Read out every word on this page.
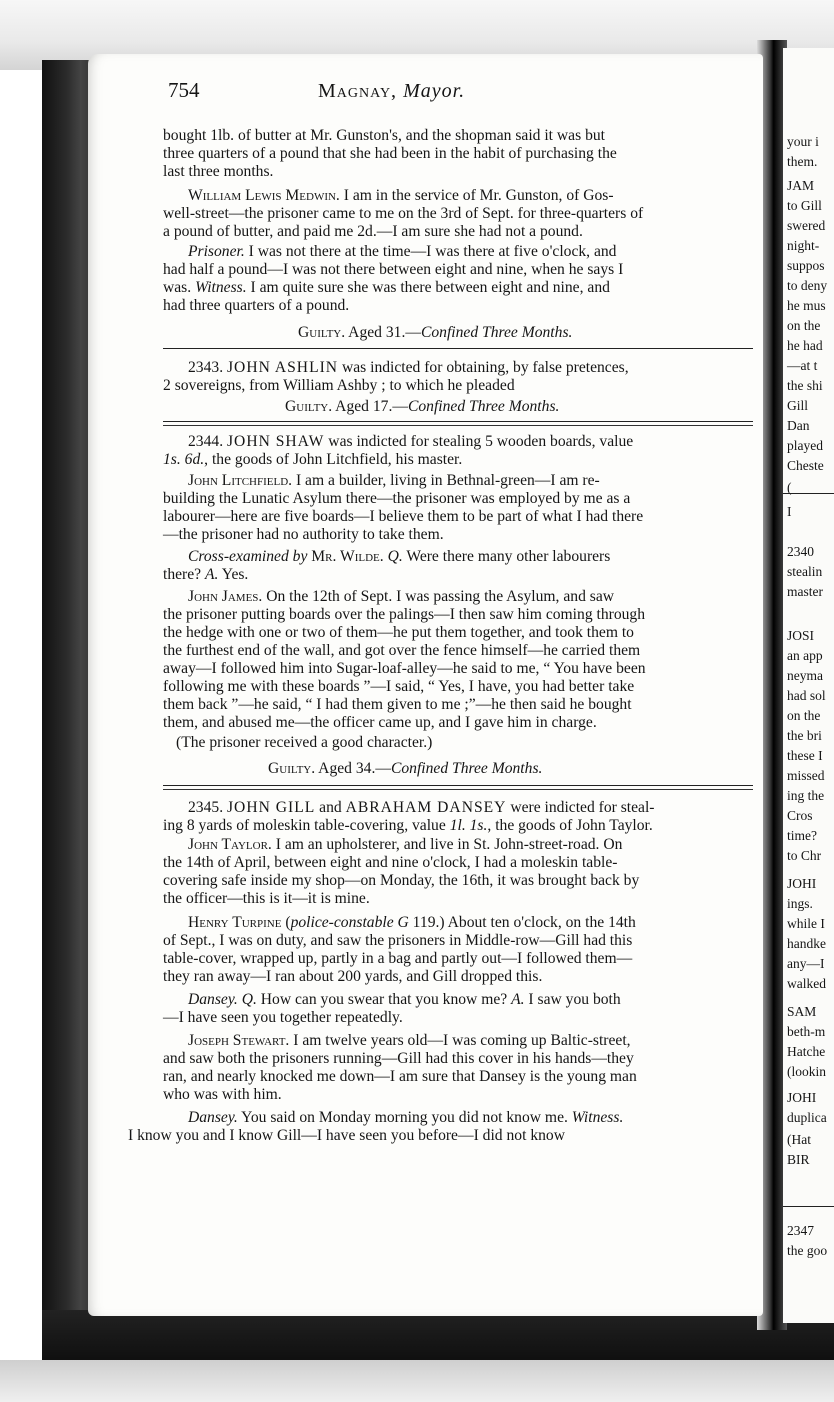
754	Magnay, Mayor.
bought 1lb. of butter at Mr. Gunston's, and the shopman said it was but
three quarters of a pound that she had been in the habit of purchasing the
last three months.
William Lewis Medwin. I am in the service of Mr. Gunston, of Gos-
well-street—the prisoner came to me on the 3rd of Sept. for three-quarters of
a pound of butter, and paid me 2d.—I am sure she had not a pound.
Prisoner. I was not there at the time—I was there at five o'clock, and
had half a pound—I was not there between eight and nine, when he says I
was. Witness. I am quite sure she was there between eight and nine, and
had three quarters of a pound.
Guilty. Aged 31.—Confined Three Months.
2343. JOHN ASHLIN was indicted for obtaining, by false pretences,
2 sovereigns, from William Ashby ; to which he pleaded
Guilty. Aged 17.—Confined Three Months.
2344. JOHN SHAW was indicted for stealing 5 wooden boards, value
1s. 6d., the goods of John Litchfield, his master.
John Litchfield. I am a builder, living in Bethnal-green—I am re-
building the Lunatic Asylum there—the prisoner was employed by me as a
labourer—here are five boards—I believe them to be part of what I had there
—the prisoner had no authority to take them.
Cross-examined by Mr. Wilde. Q. Were there many other labourers
there? A. Yes.
John James. On the 12th of Sept. I was passing the Asylum, and saw
the prisoner putting boards over the palings—I then saw him coming through
the hedge with one or two of them—he put them together, and took them to
the furthest end of the wall, and got over the fence himself—he carried them
away—I followed him into Sugar-loaf-alley—he said to me, “ You have been
following me with these boards ”—I said, “ Yes, I have, you had better take
them back ”—he said, “ I had them given to me ;”—he then said he bought
them, and abused me—the officer came up, and I gave him in charge.
(The prisoner received a good character.)
Guilty. Aged 34.—Confined Three Months.
2345. JOHN GILL and ABRAHAM DANSEY were indicted for steal-
ing 8 yards of moleskin table-covering, value 1l. 1s., the goods of John Taylor.
John Taylor. I am an upholsterer, and live in St. John-street-road. On
the 14th of April, between eight and nine o'clock, I had a moleskin table-
covering safe inside my shop—on Monday, the 16th, it was brought back by
the officer—this is it—it is mine.
Henry Turpine (police-constable G 119.) About ten o'clock, on the 14th
of Sept., I was on duty, and saw the prisoners in Middle-row—Gill had this
table-cover, wrapped up, partly in a bag and partly out—I followed them—
they ran away—I ran about 200 yards, and Gill dropped this.
Dansey. Q. How can you swear that you know me? A. I saw you both
—I have seen you together repeatedly.
Joseph Stewart. I am twelve years old—I was coming up Baltic-street,
and saw both the prisoners running—Gill had this cover in his hands—they
ran, and nearly knocked me down—I am sure that Dansey is the young man
who was with him.
Dansey. You said on Monday morning you did not know me. Witness.
I know you and I know Gill—I have seen you before—I did not know
your i
them.
JAM
to Gill
swered
night-
suppos
to deny
he mus
on the
he had
—at t
the shi
Gill
Dan
played
Cheste
(
I
2340
stealin
master
JOSI
an app
neyma
had sol
on the
the bri
these I
missed
ing the
Cros
time?
to Chr
JOHI
ings.
while I
handke
any—I
walked
SAM
beth-m
Hatche
(lookin
JOHI
duplica
(Hat
BIR
2347
the goo
